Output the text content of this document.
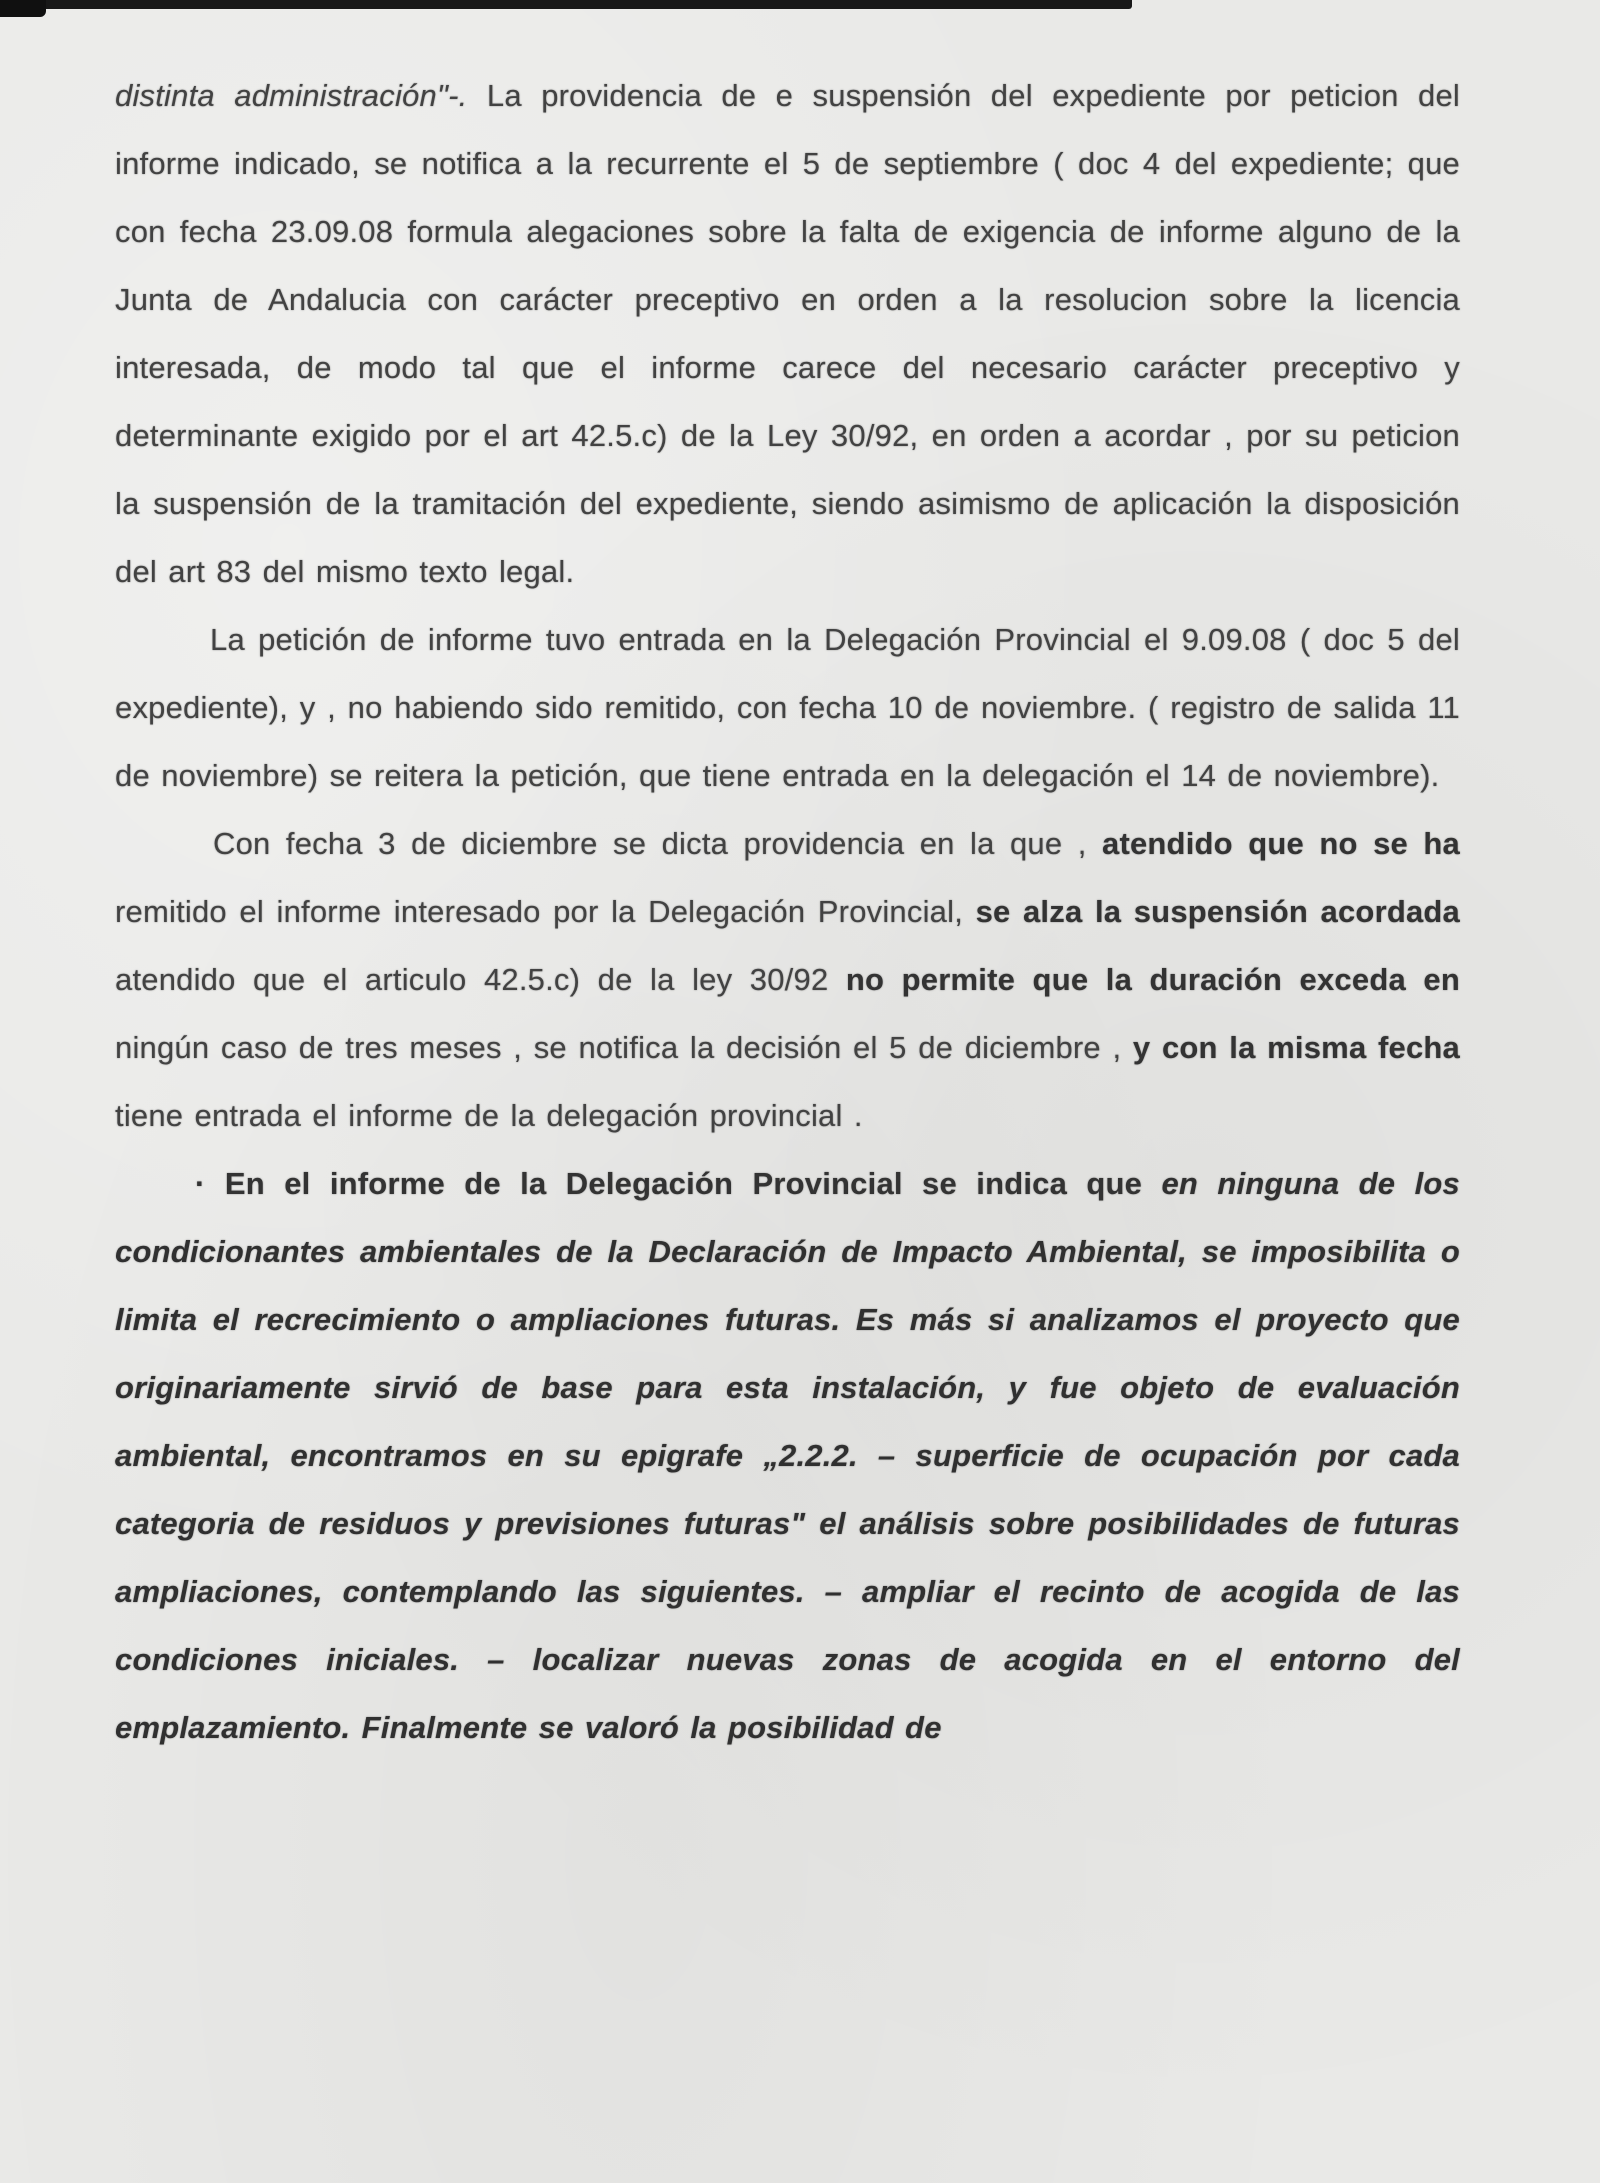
distinta administración"-. La providencia de e suspensión del expediente por peticion del informe indicado, se notifica a la recurrente el 5 de septiembre ( doc 4 del expediente; que con fecha 23.09.08 formula alegaciones sobre la falta de exigencia de informe alguno de la Junta de Andalucia con carácter preceptivo en orden a la resolucion sobre la licencia interesada, de modo tal que el informe carece del necesario carácter preceptivo y determinante exigido por el art 42.5.c) de la Ley 30/92, en orden a acordar , por su peticion la suspensión de la tramitación del expediente, siendo asimismo de aplicación la disposición del art 83 del mismo texto legal.

La petición de informe tuvo entrada en la Delegación Provincial el 9.09.08 ( doc 5 del expediente), y , no habiendo sido remitido, con fecha 10 de noviembre. ( registro de salida 11 de noviembre) se reitera la petición, que tiene entrada en la delegación el 14 de noviembre).

Con fecha 3 de diciembre se dicta providencia en la que , atendido que no se ha remitido el informe interesado por la Delegación Provincial, se alza la suspensión acordada atendido que el articulo 42.5.c) de la ley 30/92 no permite que la duración exceda en ningún caso de tres meses , se notifica la decisión el 5 de diciembre , y con la misma fecha tiene entrada el informe de la delegación provincial .

· En el informe de la Delegación Provincial se indica que en ninguna de los condicionantes ambientales de la Declaración de Impacto Ambiental, se imposibilita o limita el recrecimiento o ampliaciones futuras. Es más si analizamos el proyecto que originariamente sirvió de base para esta instalación, y fue objeto de evaluación ambiental, encontramos en su epigrafe „2.2.2. – superficie de ocupación por cada categoria de residuos y previsiones futuras" el análisis sobre posibilidades de futuras ampliaciones, contemplando las siguientes. – ampliar el recinto de acogida de las condiciones iniciales. – localizar nuevas zonas de acogida en el entorno del emplazamiento. Finalmente se valoró la posibilidad de
